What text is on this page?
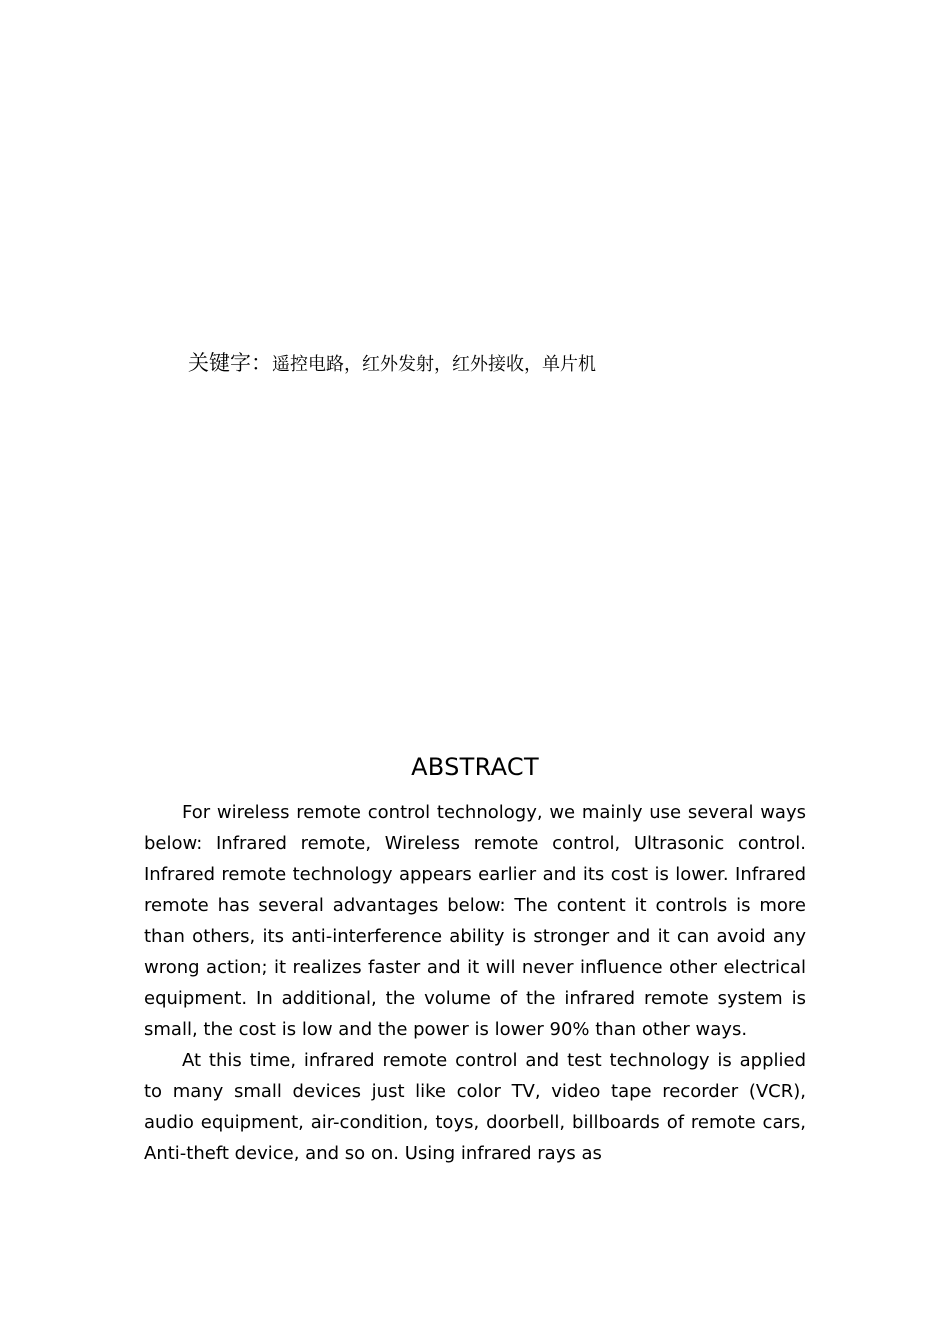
关键字：遥控电路，红外发射，红外接收，单片机
ABSTRACT

For wireless remote control technology, we mainly use several ways below: Infrared remote, Wireless remote control, Ultrasonic control. Infrared remote technology appears earlier and its cost is lower. Infrared remote has several advantages below: The content it controls is more than others, its anti-interference ability is stronger and it can avoid any wrong action; it realizes faster and it will never influence other electrical equipment. In additional, the volume of the infrared remote system is small, the cost is low and the power is lower 90% than other ways.

At this time, infrared remote control and test technology is applied to many small devices just like color TV, video tape recorder (VCR), audio equipment, air-condition, toys, doorbell, billboards of remote cars, Anti-theft device, and so on. Using infrared rays as
